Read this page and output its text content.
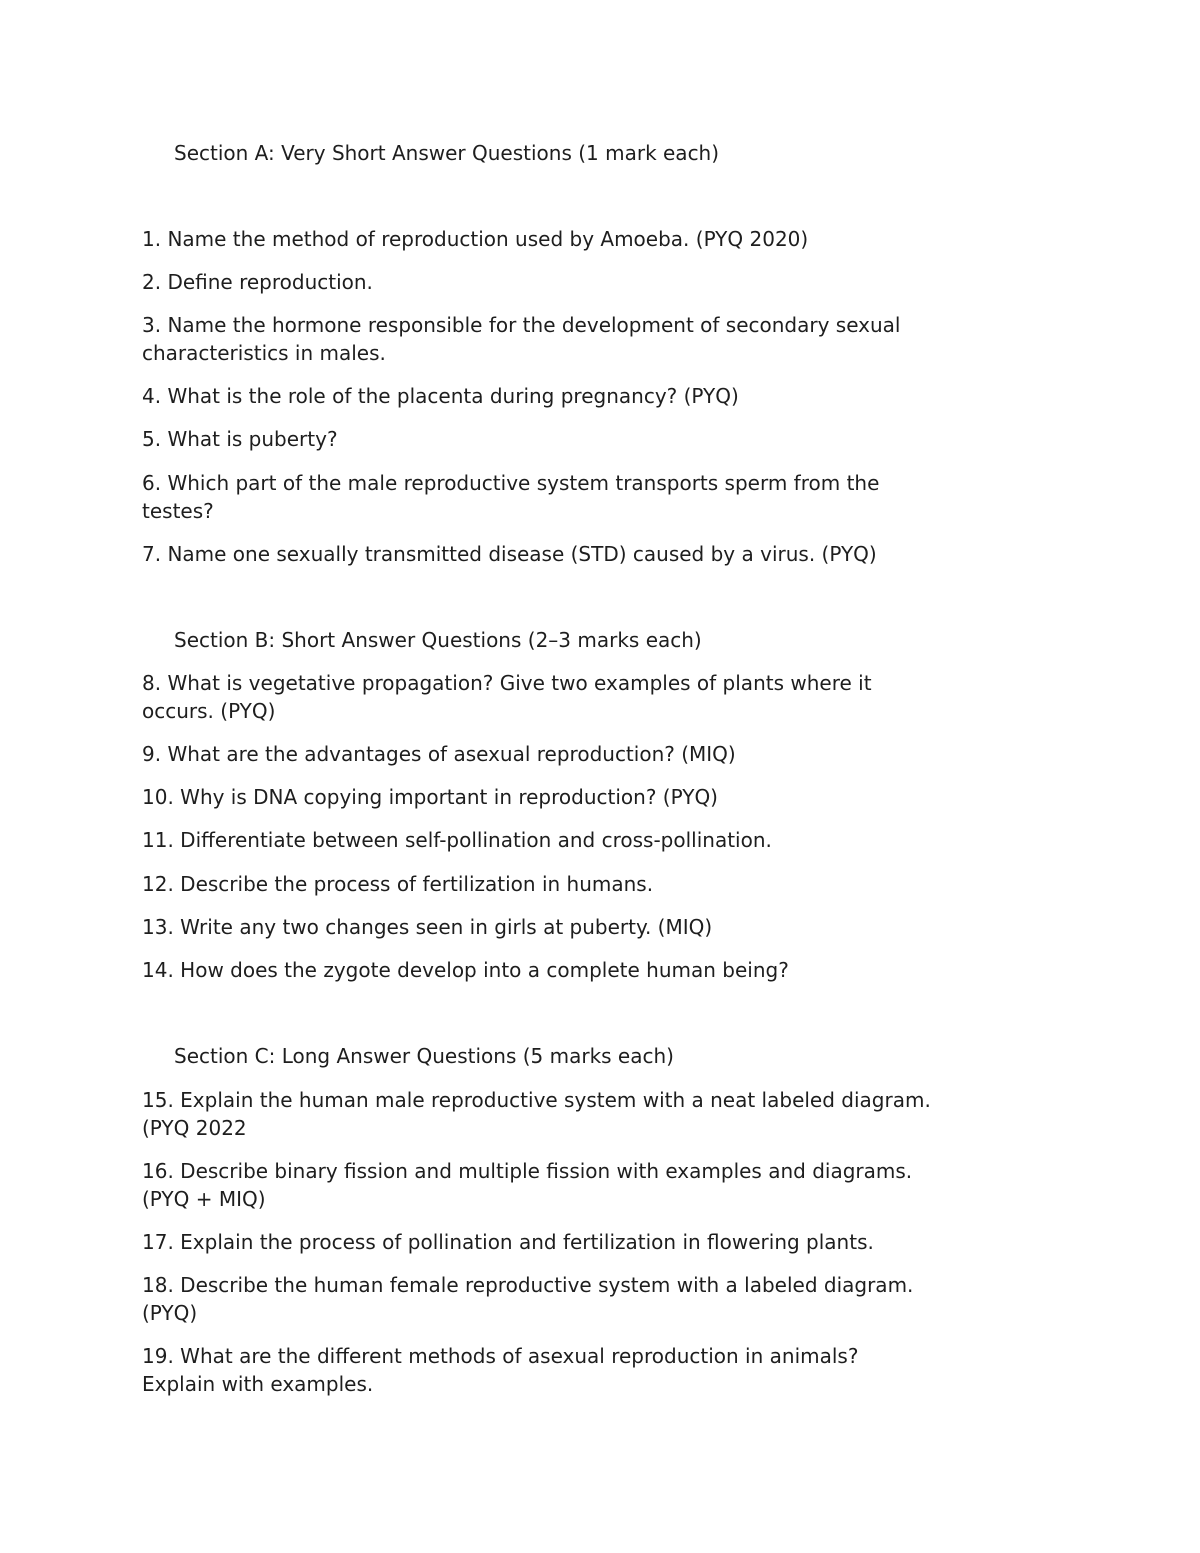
Section A: Very Short Answer Questions (1 mark each)
1. Name the method of reproduction used by Amoeba. (PYQ 2020)
2. Define reproduction.
3. Name the hormone responsible for the development of secondary sexual
characteristics in males.
4. What is the role of the placenta during pregnancy? (PYQ)
5. What is puberty?
6. Which part of the male reproductive system transports sperm from the
testes?
7. Name one sexually transmitted disease (STD) caused by a virus. (PYQ)
Section B: Short Answer Questions (2–3 marks each)
8. What is vegetative propagation? Give two examples of plants where it
occurs. (PYQ)
9. What are the advantages of asexual reproduction? (MIQ)
10. Why is DNA copying important in reproduction? (PYQ)
11. Differentiate between self-pollination and cross-pollination.
12. Describe the process of fertilization in humans.
13. Write any two changes seen in girls at puberty. (MIQ)
14. How does the zygote develop into a complete human being?
Section C: Long Answer Questions (5 marks each)
15. Explain the human male reproductive system with a neat labeled diagram.
(PYQ 2022
16. Describe binary fission and multiple fission with examples and diagrams.
(PYQ + MIQ)
17. Explain the process of pollination and fertilization in flowering plants.
18. Describe the human female reproductive system with a labeled diagram.
(PYQ)
19. What are the different methods of asexual reproduction in animals?
Explain with examples.
